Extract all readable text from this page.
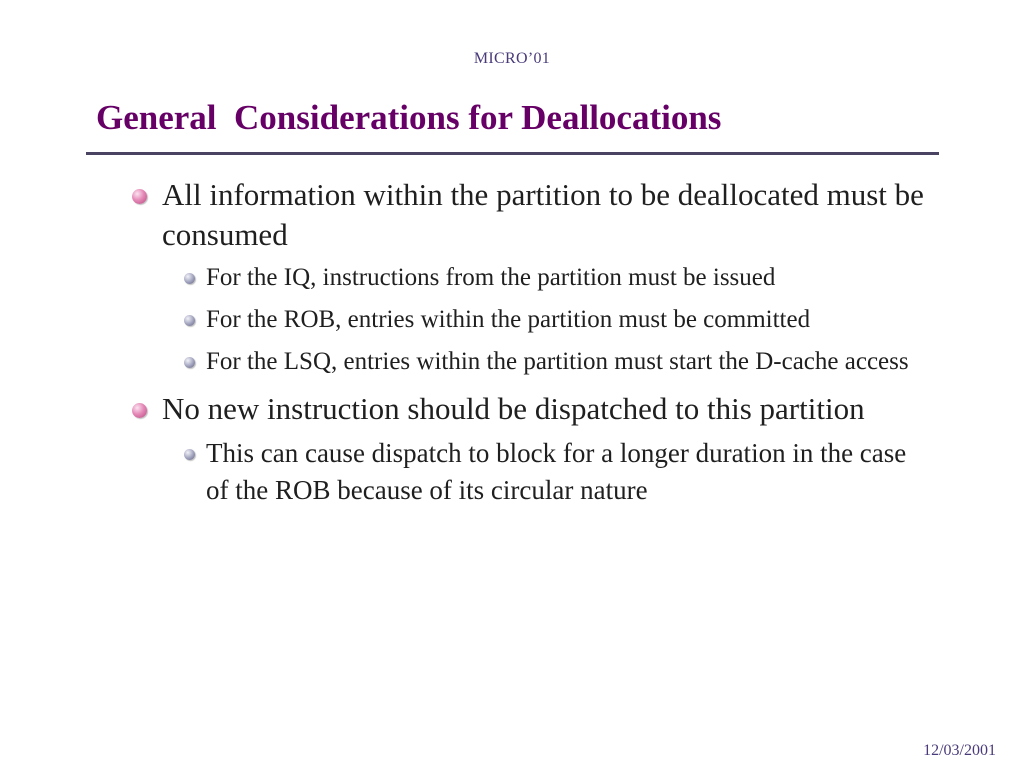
MICRO’01
General  Considerations for Deallocations
All information within the partition to be deallocated must be consumed
For the IQ, instructions from the partition must be issued
For the ROB, entries within the partition must be committed
For the LSQ, entries within the partition must start the D-cache access
No new instruction should be dispatched to this partition
This can cause dispatch to block for a longer duration in the case of the ROB because of its circular nature
12/03/2001
